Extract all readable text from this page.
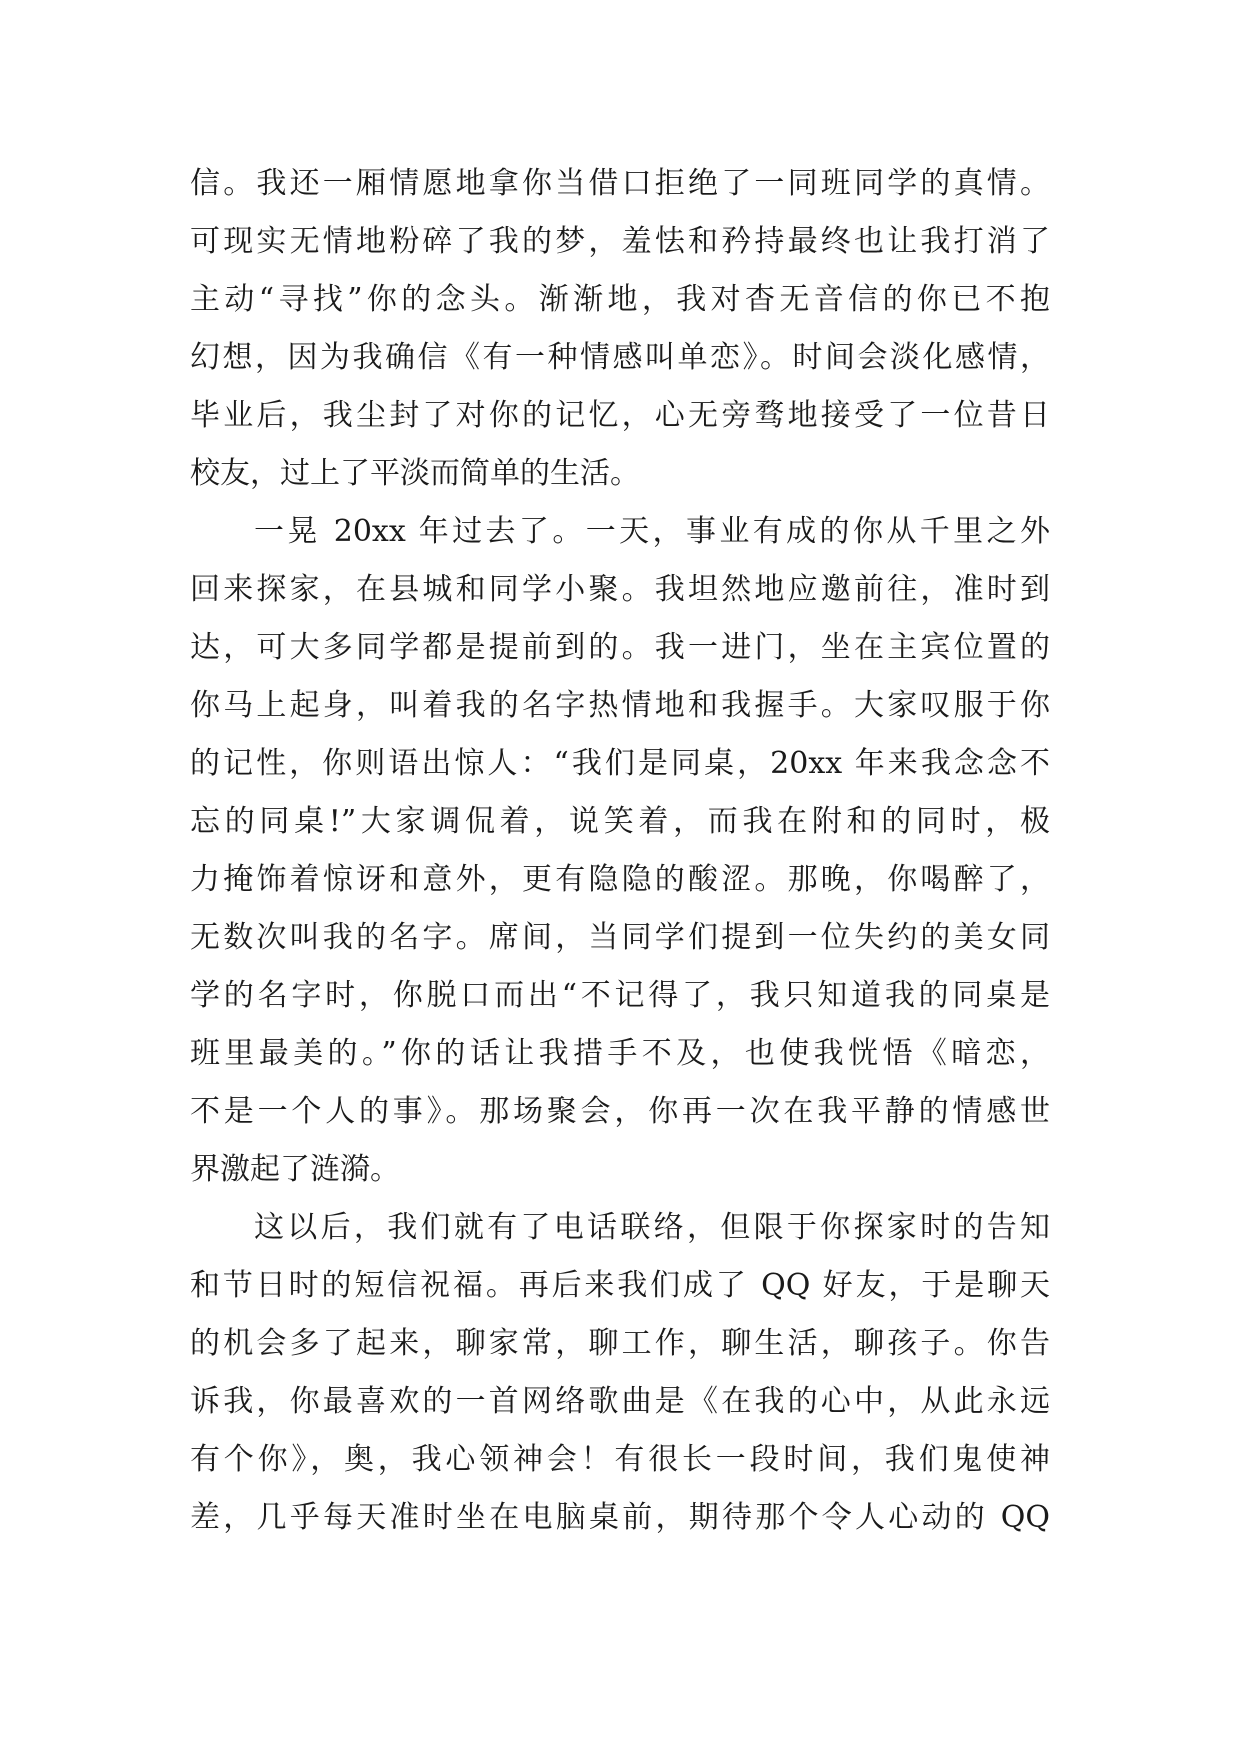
信。我还一厢情愿地拿你当借口拒绝了一同班同学的真情。
可现实无情地粉碎了我的梦，羞怯和矜持最终也让我打消了
主动“寻找”你的念头。渐渐地，我对杳无音信的你已不抱
幻想，因为我确信《有一种情感叫单恋》。时间会淡化感情，
毕业后，我尘封了对你的记忆，心无旁骛地接受了一位昔日
校友，过上了平淡而简单的生活。
一晃 20xx 年过去了。一天，事业有成的你从千里之外
回来探家，在县城和同学小聚。我坦然地应邀前往，准时到
达，可大多同学都是提前到的。我一进门，坐在主宾位置的
你马上起身，叫着我的名字热情地和我握手。大家叹服于你
的记性，你则语出惊人：“我们是同桌，20xx 年来我念念不
忘的同桌!”大家调侃着，说笑着，而我在附和的同时，极
力掩饰着惊讶和意外，更有隐隐的酸涩。那晚，你喝醉了，
无数次叫我的名字。席间，当同学们提到一位失约的美女同
学的名字时，你脱口而出“不记得了，我只知道我的同桌是
班里最美的。”你的话让我措手不及，也使我恍悟《暗恋，
不是一个人的事》。那场聚会，你再一次在我平静的情感世
界激起了涟漪。
这以后，我们就有了电话联络，但限于你探家时的告知
和节日时的短信祝福。再后来我们成了 QQ 好友，于是聊天
的机会多了起来，聊家常，聊工作，聊生活，聊孩子。你告
诉我，你最喜欢的一首网络歌曲是《在我的心中，从此永远
有个你》，奥，我心领神会！有很长一段时间，我们鬼使神
差，几乎每天准时坐在电脑桌前，期待那个令人心动的 QQ
